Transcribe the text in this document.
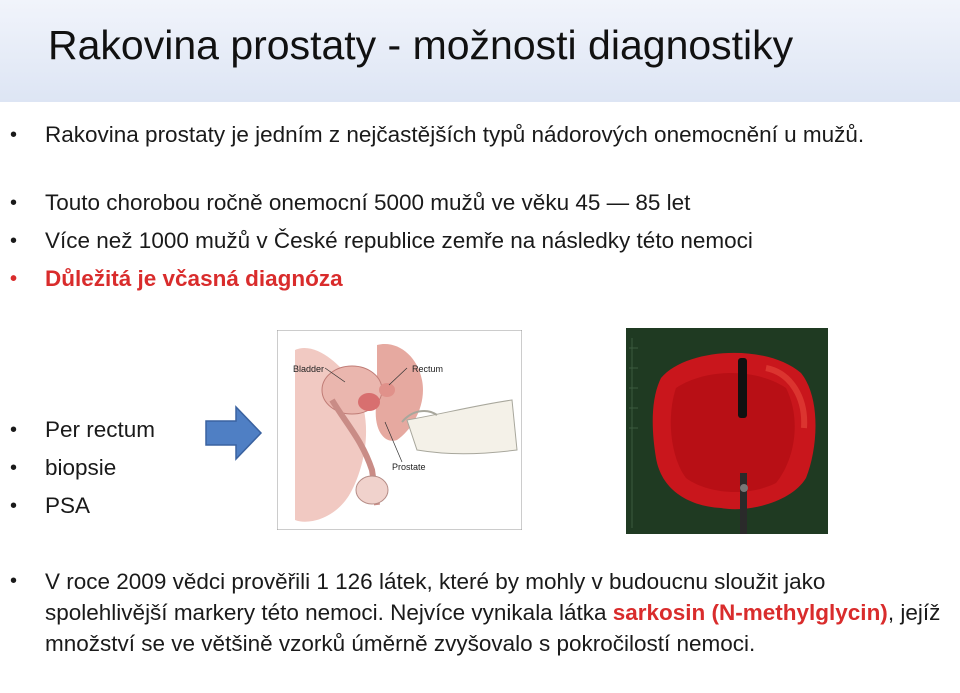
Rakovina prostaty - možnosti diagnostiky
• Rakovina prostaty je jedním z nejčastějších typů nádorových onemocnění u mužů.
• Touto chorobou ročně onemocní 5000 mužů ve věku 45 — 85 let
• Více než 1000 mužů v České republice zemře na následky této nemoci
• Důležitá je včasná diagnóza
• Per rectum
• biopsie
• PSA
• V roce 2009 vědci prověřili 1 126 látek, které by mohly v budoucnu sloužit jako spolehlivější markery této nemoci. Nejvíce vynikala látka sarkosin (N-methylglycin), jejíž množství se ve většině vzorků úměrně zvyšovalo s pokročilostí nemoci.
Bladder	Rectum
Prostate
